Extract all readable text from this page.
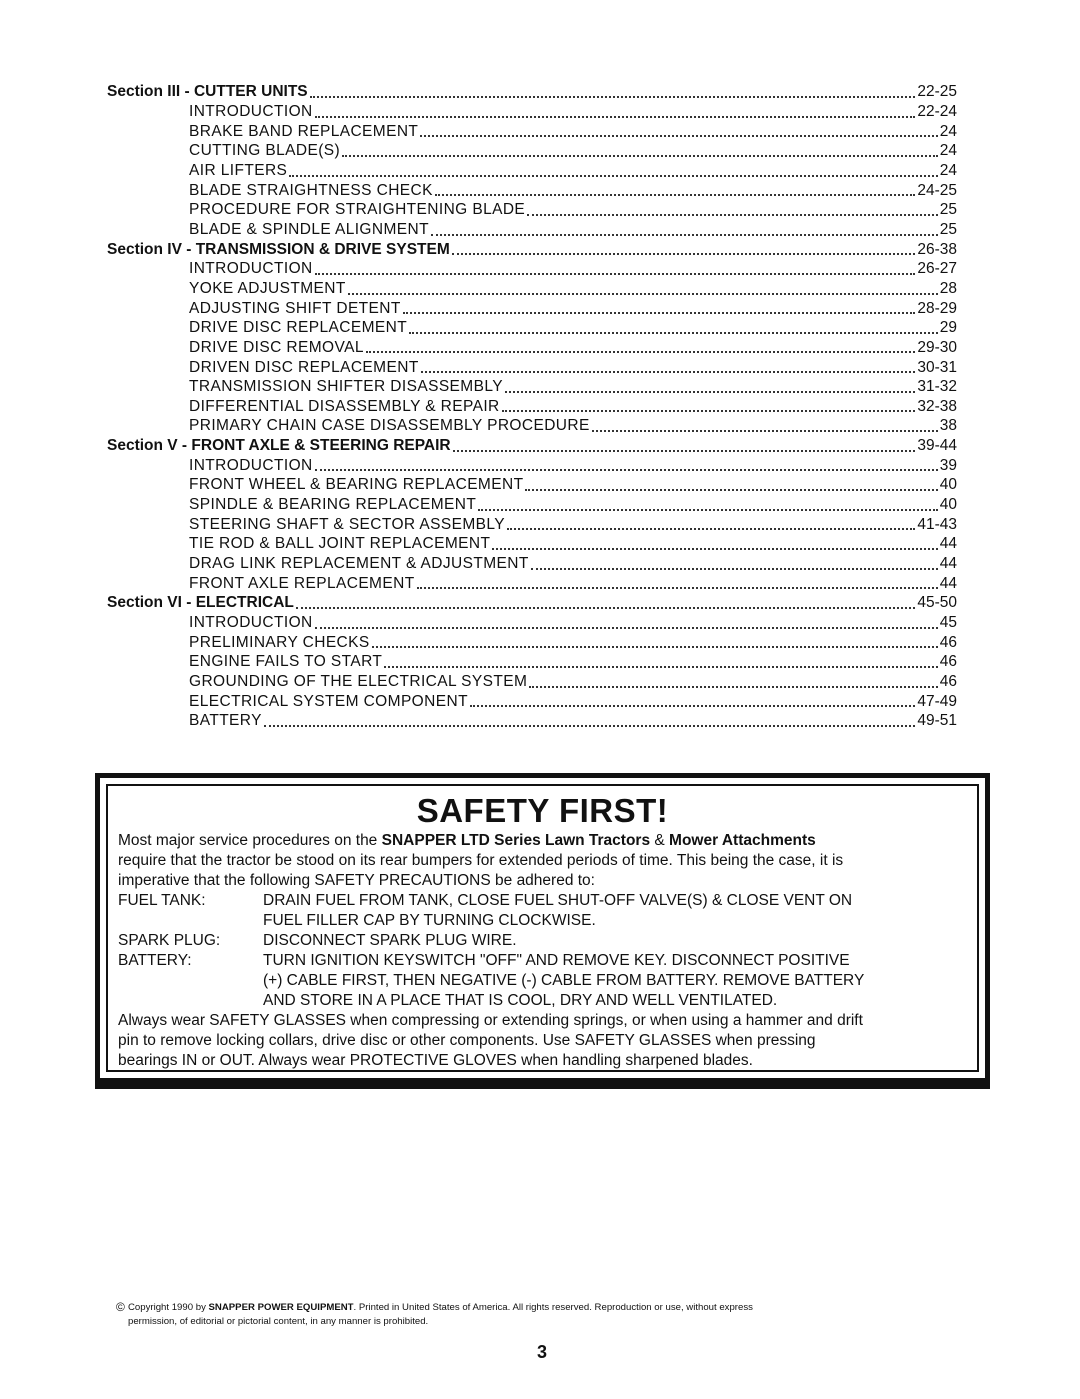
Section III - CUTTER UNITS	22-25
INTRODUCTION	22-24
BRAKE BAND REPLACEMENT	24
CUTTING BLADE(S)	24
AIR LIFTERS	24
BLADE STRAIGHTNESS CHECK	24-25
PROCEDURE FOR STRAIGHTENING BLADE	25
BLADE & SPINDLE ALIGNMENT	25
Section IV - TRANSMISSION & DRIVE SYSTEM	26-38
INTRODUCTION	26-27
YOKE ADJUSTMENT	28
ADJUSTING SHIFT DETENT	28-29
DRIVE DISC REPLACEMENT	29
DRIVE DISC REMOVAL	29-30
DRIVEN DISC REPLACEMENT	30-31
TRANSMISSION SHIFTER DISASSEMBLY	31-32
DIFFERENTIAL DISASSEMBLY & REPAIR	32-38
PRIMARY CHAIN CASE DISASSEMBLY PROCEDURE	38
Section V - FRONT AXLE & STEERING REPAIR	39-44
INTRODUCTION	39
FRONT WHEEL & BEARING REPLACEMENT	40
SPINDLE & BEARING REPLACEMENT	40
STEERING SHAFT & SECTOR ASSEMBLY	41-43
TIE ROD & BALL JOINT REPLACEMENT	44
DRAG LINK REPLACEMENT & ADJUSTMENT	44
FRONT AXLE REPLACEMENT	44
Section VI - ELECTRICAL	45-50
INTRODUCTION	45
PRELIMINARY CHECKS	46
ENGINE FAILS TO START	46
GROUNDING OF THE ELECTRICAL SYSTEM	46
ELECTRICAL SYSTEM COMPONENT	47-49
BATTERY	49-51
SAFETY FIRST!
Most major service procedures on the SNAPPER LTD Series Lawn Tractors & Mower Attachments
require that the tractor be stood on its rear bumpers for extended periods of time. This being the case, it is
imperative that the following SAFETY PRECAUTIONS be adhered to:
FUEL TANK:	DRAIN FUEL FROM TANK, CLOSE FUEL SHUT-OFF VALVE(S) & CLOSE VENT ON
FUEL FILLER CAP BY TURNING CLOCKWISE.
SPARK PLUG:	DISCONNECT SPARK PLUG WIRE.
BATTERY:	TURN IGNITION KEYSWITCH "OFF" AND REMOVE KEY. DISCONNECT POSITIVE
(+) CABLE FIRST, THEN NEGATIVE (-) CABLE FROM BATTERY. REMOVE BATTERY
AND STORE IN A PLACE THAT IS COOL, DRY AND WELL VENTILATED.
Always wear SAFETY GLASSES when compressing or extending springs, or when using a hammer and drift
pin to remove locking collars, drive disc or other components. Use SAFETY GLASSES when pressing
bearings IN or OUT. Always wear PROTECTIVE GLOVES when handling sharpened blades.
© Copyright 1990 by SNAPPER POWER EQUIPMENT. Printed in United States of America. All rights reserved. Reproduction or use, without express
permission, of editorial or pictorial content, in any manner is prohibited.
3
